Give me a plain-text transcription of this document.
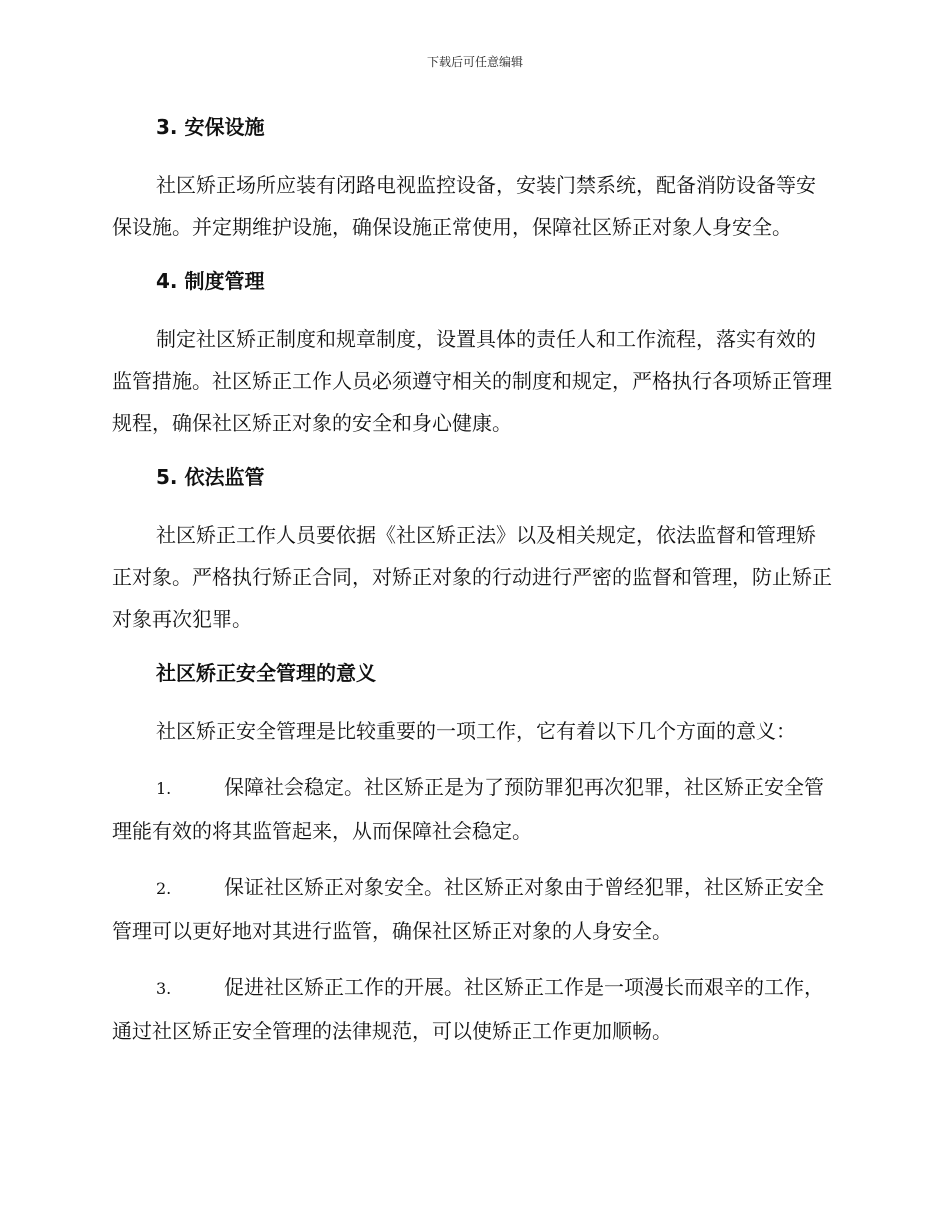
下载后可任意编辑
3. 安保设施

社区矫正场所应装有闭路电视监控设备，安装门禁系统，配备消防设备等安保设施。并定期维护设施，确保设施正常使用，保障社区矫正对象人身安全。

4. 制度管理

制定社区矫正制度和规章制度，设置具体的责任人和工作流程，落实有效的监管措施。社区矫正工作人员必须遵守相关的制度和规定，严格执行各项矫正管理规程，确保社区矫正对象的安全和身心健康。

5. 依法监管

社区矫正工作人员要依据《社区矫正法》以及相关规定，依法监督和管理矫正对象。严格执行矫正合同，对矫正对象的行动进行严密的监督和管理，防止矫正对象再次犯罪。

社区矫正安全管理的意义

社区矫正安全管理是比较重要的一项工作，它有着以下几个方面的意义：

1.	保障社会稳定。社区矫正是为了预防罪犯再次犯罪，社区矫正安全管理能有效的将其监管起来，从而保障社会稳定。

2.	保证社区矫正对象安全。社区矫正对象由于曾经犯罪，社区矫正安全管理可以更好地对其进行监管，确保社区矫正对象的人身安全。

3.	促进社区矫正工作的开展。社区矫正工作是一项漫长而艰辛的工作，通过社区矫正安全管理的法律规范，可以使矫正工作更加顺畅。
